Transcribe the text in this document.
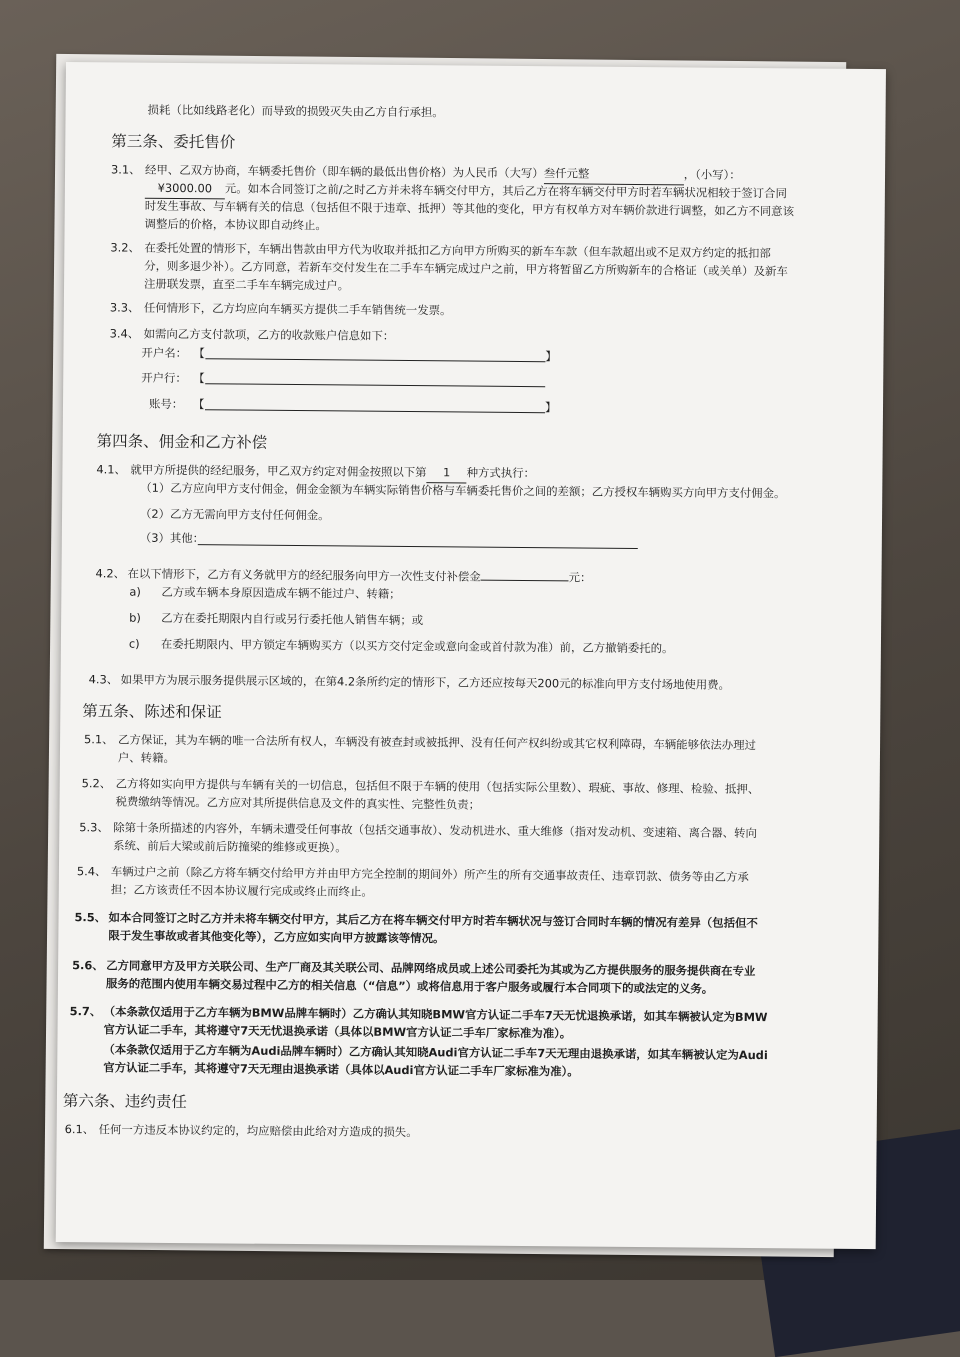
损耗（比如线路老化）而导致的损毁灭失由乙方自行承担。
第三条、委托售价
3.1、 经甲、乙双方协商，车辆委托售价（即车辆的最低出售价格）为人民币（大写）叁仟元整	，（小写）：
¥3000.00 元。如本合同签订之前/之时乙方并未将车辆交付甲方，其后乙方在将车辆交付甲方时若车辆状况相较于签订合同
时发生事故、与车辆有关的信息（包括但不限于违章、抵押）等其他的变化，甲方有权单方对车辆价款进行调整，如乙方不同意该
调整后的价格，本协议即自动终止。
3.2、 在委托处置的情形下，车辆出售款由甲方代为收取并抵扣乙方向甲方所购买的新车车款（但车款超出或不足双方约定的抵扣部
分，则多退少补）。乙方同意，若新车交付发生在二手车车辆完成过户之前，甲方将暂留乙方所购新车的合格证（或关单）及新车
注册联发票，直至二手车车辆完成过户。
3.3、 任何情形下，乙方均应向车辆买方提供二手车销售统一发票。
3.4、 如需向乙方支付款项，乙方的收款账户信息如下：
开户名： 【	】
开户行： 【
账号： 【	】
第四条、佣金和乙方补偿
4.1、 就甲方所提供的经纪服务，甲乙双方约定对佣金按照以下第 1 种方式执行：
（1）乙方应向甲方支付佣金，佣金金额为车辆实际销售价格与车辆委托售价之间的差额；乙方授权车辆购买方向甲方支付佣金。
（2）乙方无需向甲方支付任何佣金。
（3）其他：
4.2、 在以下情形下，乙方有义务就甲方的经纪服务向甲方一次性支付补偿金	元：
a) 乙方或车辆本身原因造成车辆不能过户、转籍；
b) 乙方在委托期限内自行或另行委托他人销售车辆；或
c) 在委托期限内、甲方锁定车辆购买方（以买方交付定金或意向金或首付款为准）前，乙方撤销委托的。
4.3、 如果甲方为展示服务提供展示区域的，在第4.2条所约定的情形下，乙方还应按每天200元的标准向甲方支付场地使用费。
第五条、陈述和保证
5.1、 乙方保证，其为车辆的唯一合法所有权人，车辆没有被查封或被抵押、没有任何产权纠纷或其它权利障碍，车辆能够依法办理过
户、转籍。
5.2、 乙方将如实向甲方提供与车辆有关的一切信息，包括但不限于车辆的使用（包括实际公里数）、瑕疵、事故、修理、检验、抵押、
税费缴纳等情况。乙方应对其所提供信息及文件的真实性、完整性负责；
5.3、 除第十条所描述的内容外，车辆未遭受任何事故（包括交通事故）、发动机进水、重大维修（指对发动机、变速箱、离合器、转向
系统、前后大梁或前后防撞梁的维修或更换）。
5.4、 车辆过户之前（除乙方将车辆交付给甲方并由甲方完全控制的期间外）所产生的所有交通事故责任、违章罚款、债务等由乙方承
担；乙方该责任不因本协议履行完成或终止而终止。
5.5、 如本合同签订之时乙方并未将车辆交付甲方，其后乙方在将车辆交付甲方时若车辆状况与签订合同时车辆的情况有差异（包括但不
限于发生事故或者其他变化等），乙方应如实向甲方披露该等情况。
5.6、 乙方同意甲方及甲方关联公司、生产厂商及其关联公司、品牌网络成员或上述公司委托为其或为乙方提供服务的服务提供商在专业
服务的范围内使用车辆交易过程中乙方的相关信息（“信息”）或将信息用于客户服务或履行本合同项下的或法定的义务。
5.7、 （本条款仅适用于乙方车辆为BMW品牌车辆时）乙方确认其知晓BMW官方认证二手车7天无忧退换承诺，如其车辆被认定为BMW
官方认证二手车，其将遵守7天无忧退换承诺（具体以BMW官方认证二手车厂家标准为准）。
（本条款仅适用于乙方车辆为Audi品牌车辆时）乙方确认其知晓Audi官方认证二手车7天无理由退换承诺，如其车辆被认定为Audi
官方认证二手车，其将遵守7天无理由退换承诺（具体以Audi官方认证二手车厂家标准为准）。
第六条、违约责任
6.1、 任何一方违反本协议约定的，均应赔偿由此给对方造成的损失。
